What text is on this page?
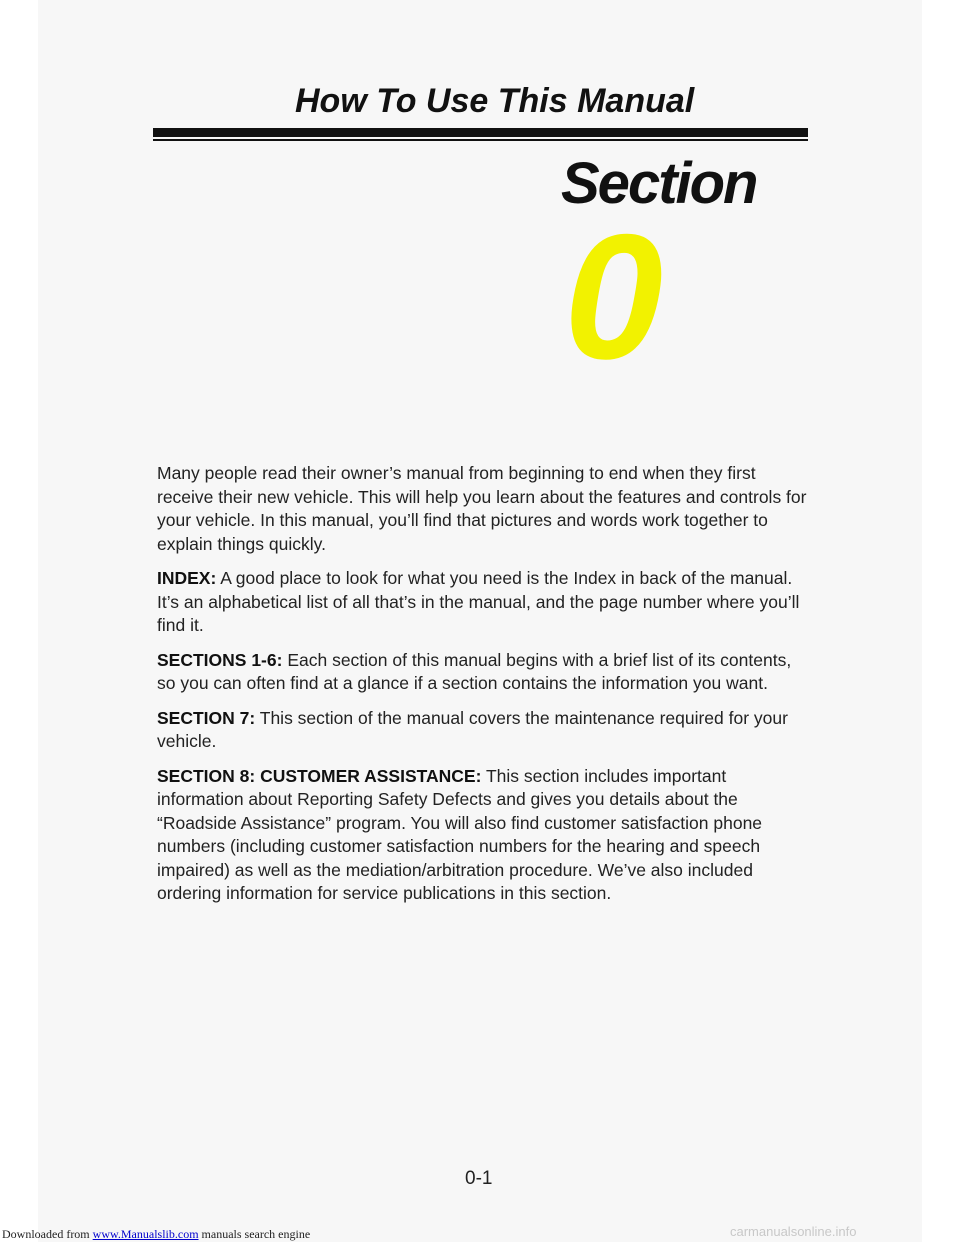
How To Use This Manual
Section
0

Many people read their owner’s manual from beginning to end when they first receive their new vehicle. This will help you learn about the features and controls for your vehicle. In this manual, you’ll find that pictures and words work together to explain things quickly.

INDEX: A good place to look for what you need is the Index in back of the manual. It’s an alphabetical list of all that’s in the manual, and the page number where you’ll find it.

SECTIONS 1-6: Each section of this manual begins with a brief list of its contents, so you can often find at a glance if a section contains the information you want.

SECTION 7: This section of the manual covers the maintenance required for your vehicle.

SECTION 8: CUSTOMER ASSISTANCE: This section includes important information about Reporting Safety Defects and gives you details about the “Roadside Assistance” program. You will also find customer satisfaction phone numbers (including customer satisfaction numbers for the hearing and speech impaired) as well as the mediation/arbitration procedure. We’ve also included ordering information for service publications in this section.

0-1
Downloaded from www.Manualslib.com manuals search engine	carmanualsonline.info
